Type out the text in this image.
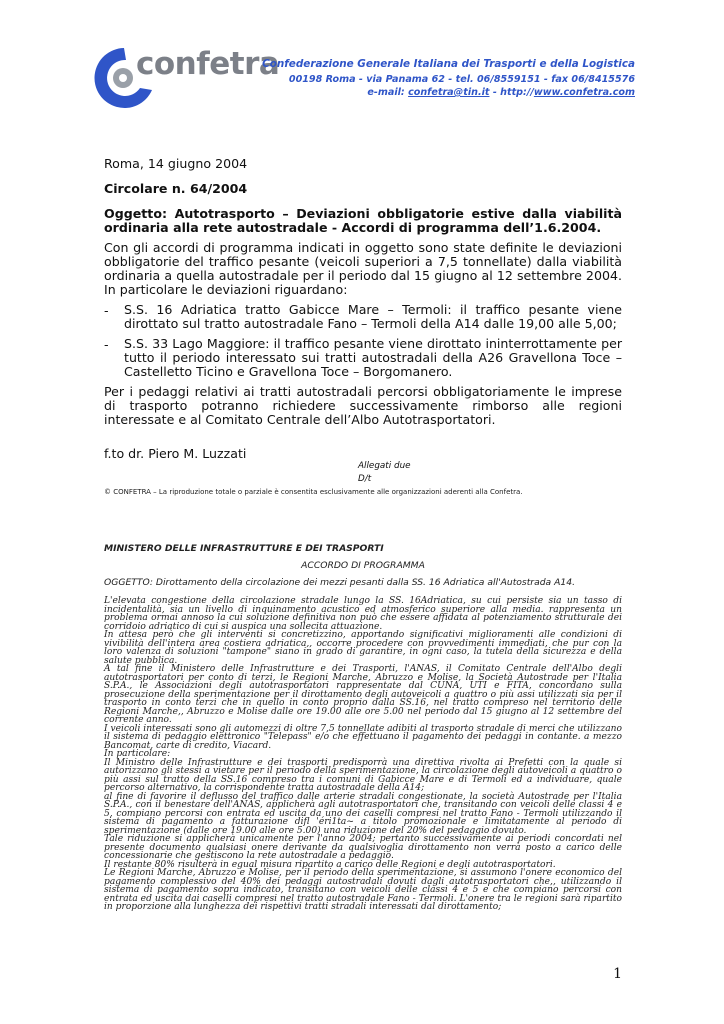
confetra
Confederazione Generale Italiana dei Trasporti e della Logistica
00198 Roma - via Panama 62 - tel. 06/8559151 - fax 06/8415576
e-mail: confetra@tin.it - http://www.confetra.com
Roma, 14 giugno 2004
Circolare n. 64/2004
Oggetto: Autotrasporto – Deviazioni obbligatorie estive dalla viabilità ordinaria alla rete autostradale - Accordi di programma dell’1.6.2004.
Con gli accordi di programma indicati in oggetto sono state definite le deviazioni obbligatorie del traffico pesante (veicoli superiori a 7,5 tonnellate) dalla viabilità ordinaria a quella autostradale per il periodo dal 15 giugno al 12 settembre 2004. In particolare le deviazioni riguardano:
- S.S. 16 Adriatica tratto Gabicce Mare – Termoli: il traffico pesante viene dirottato sul tratto autostradale Fano – Termoli della A14 dalle 19,00 alle 5,00;
- S.S. 33 Lago Maggiore: il traffico pesante viene dirottato ininterrottamente per tutto il periodo interessato sui tratti autostradali della A26 Gravellona Toce – Castelletto Ticino e Gravellona Toce – Borgomanero.
Per i pedaggi relativi ai tratti autostradali percorsi obbligatoriamente le imprese di trasporto potranno richiedere successivamente rimborso alle regioni interessate e al Comitato Centrale dell’Albo Autotrasportatori.
f.to dr. Piero M. Luzzati
Allegati due
D/t
© CONFETRA – La riproduzione totale o parziale è consentita esclusivamente alle organizzazioni aderenti alla Confetra.
MINISTERO DELLE INFRASTRUTTURE E DEI TRASPORTI
ACCORDO DI PROGRAMMA
OGGETTO: Dirottamento della circolazione dei mezzi pesanti dalla SS. 16 Adriatica all'Autostrada A14.

L'elevata congestione della circolazione stradale lungo la SS. 16Adriatica, su cui persiste sia un tasso di incidentalità, sia un livello di inquinamento acustico ed atmosferico superiore alla media. rappresenta un problema ormai annoso la cui soluzione definitiva non può che essere affidata al potenziamento strutturale dei corridoio adriatico di cui si auspica una sollecita attuazione.

In attesa però che gli interventi si concretizzino, apportando significativi miglioramenti alle condizioni di vivibilità dell'intera area costiera adriatica,, occorre procedere con provvedimenti immediati, che pur con la loro valenza di soluzioni "tampone" siano in grado di garantire, in ogni caso, la tutela della sicurezza e della salute pubblica.

A tal fine il Ministero delle Infrastrutture e dei Trasporti, l'ANAS, il Comitato Centrale dell'Albo degli autotrasportatori per conto di terzi, le Regioni Marche, Abruzzo e Molise, la Società Autostrade per l'Italia S.P.A., le Associazioni degli autotrasportatori rappresentate dal CUNA, UTI e FITA, concordano sulla prosecuzione della sperimentazione per il dirottamento degli autoveicoli a quattro o più assi utilizzati sia per il trasporto in conto terzi che in quello in conto proprio dalla SS.16, nel tratto compreso nel territorio delle Regioni Marche,, Abruzzo e Molise dalle ore 19.00 alle ore 5.00 nel periodo dal 15 giugno al 12 settembre del corrente anno.

I veicoli interessati sono gli automezzi di oltre 7,5 tonnellate adibiti al trasporto stradale di merci che utilizzano il sistema di pedaggio elettronico "Telepass" e/o che effettuano il pagamento dei pedaggi in contante. a mezzo Bancomat, carte di credito, Viacard.

In particolare:

Il Ministro delle Infrastrutture e dei trasporti predisporrà una direttiva rivolta ai Prefetti con la quale si autorizzano gli stessi a vietare per il periodo della sperimentazione, la circolazione degli autoveicoli a quattro o più assi sul tratto della SS.16 compreso tra i comuni di Gabicce Mare e di Termoli ed a individuare, quale percorso alternativo, la corrispondente tratta autostradale della A14;

al fine di favorire il deflusso del traffico dalle arterie stradali congestionate, la società Autostrade per l'Italia S.P.A., con il benestare dell'ANAS, applicherà agli autotrasportatori che, transitando con veicoli delle classi 4 e 5, compiano percorsi con entrata ed uscita da uno dei caselli compresi nel tratto Fano - Termoli utilizzando il sistema di pagamento a fatturazione difl 'éri1ta~ a titolo promozionale e limitatamente al periodo di sperimentazione (dalle ore 19.00 alle ore 5.00) una riduzione del 20% del pedaggio dovuto.

Tale riduzione si applicherà unicamente per l'anno 2004; pertanto successivamente ai periodi concordati nel presente documento qualsiasi onere derivante da qualsivoglia dirottamento non verrà posto a carico delle concessionarie che gestiscono la rete autostradale a pedaggio.

Il restante 80% risulterà in egual misura ripartito a carico delle Regioni e degli autotrasportatori.

Le Regioni Marche, Abruzzo e Molise, per il periodo della sperimentazione, si assumono l'onere economico del pagamento complessivo del 40% dei pedaggi autostradali dovuti dagli autotrasportatori che,, utilizzando il sistema di pagamento sopra indicato, transitano con veicoli delle classi 4 e 5 e che compiano percorsi con entrata ed uscita dai caselli compresi nel tratto autostradale Fano - Termoli. L'onere tra le regioni sarà ripartito in proporzione alla lunghezza dei rispettivi tratti stradali interessati dal dirottamento;

1
